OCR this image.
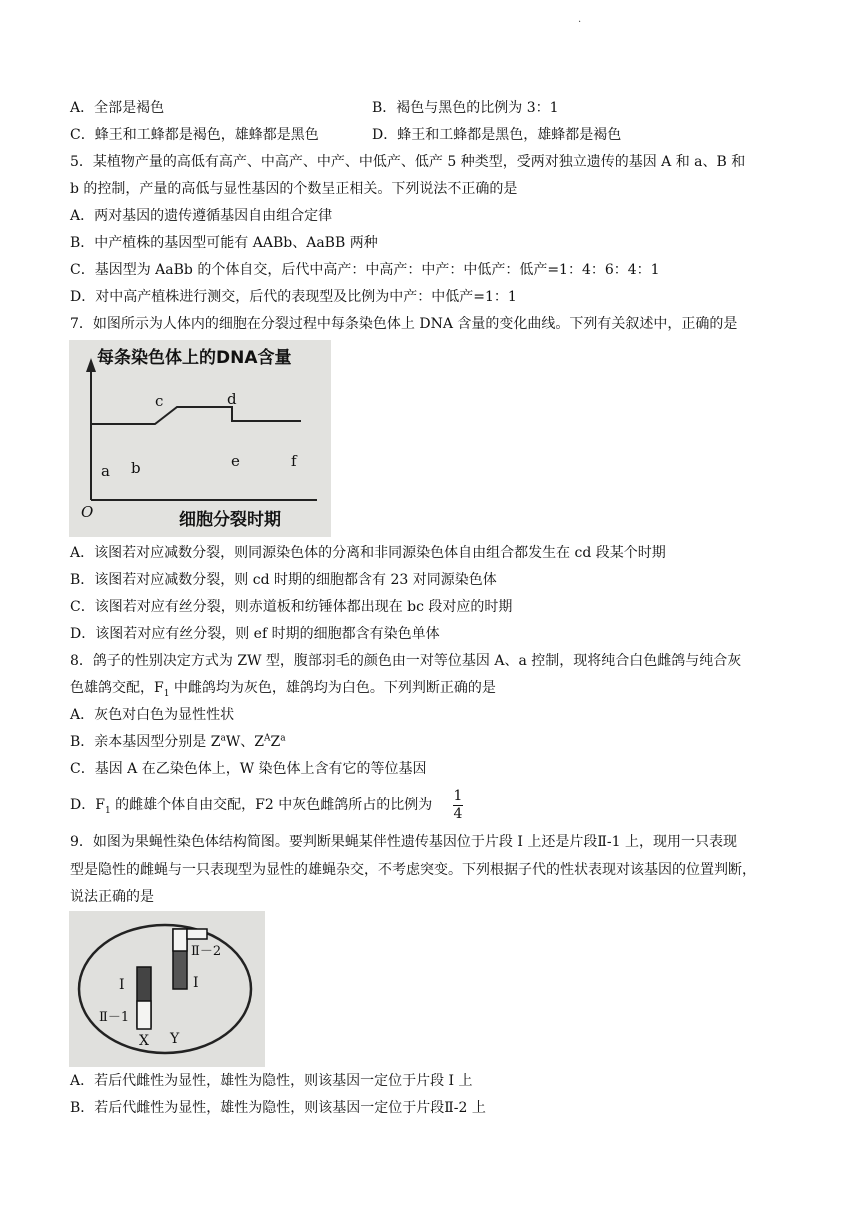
.
A．全部是褐色	B．褐色与黑色的比例为 3：1
C．蜂王和工蜂都是褐色，雄蜂都是黑色	D．蜂王和工蜂都是黑色，雄蜂都是褐色
5．某植物产量的高低有高产、中高产、中产、中低产、低产 5 种类型，受两对独立遗传的基因 A 和 a、B 和
b 的控制，产量的高低与显性基因的个数呈正相关。下列说法不正确的是
A．两对基因的遗传遵循基因自由组合定律
B．中产植株的基因型可能有 AABb、AaBB 两种
C．基因型为 AaBb 的个体自交，后代中高产：中高产：中产：中低产：低产=1：4：6：4：1
D．对中高产植株进行测交，后代的表现型及比例为中产：中低产=1：1
7．如图所示为人体内的细胞在分裂过程中每条染色体上 DNA 含量的变化曲线。下列有关叙述中，正确的是
每条染色体上的DNA含量
细胞分裂时期
O
a b
c	d
e	f
A．该图若对应减数分裂，则同源染色体的分离和非同源染色体自由组合都发生在 cd 段某个时期
B．该图若对应减数分裂，则 cd 时期的细胞都含有 23 对同源染色体
C．该图若对应有丝分裂，则赤道板和纺锤体都出现在 bc 段对应的时期
D．该图若对应有丝分裂，则 ef 时期的细胞都含有染色单体
8．鸽子的性别决定方式为 ZW 型，腹部羽毛的颜色由一对等位基因 A、a 控制，现将纯合白色雌鸽与纯合灰
色雄鸽交配，$F_1$ 中雌鸽均为灰色，雄鸽均为白色。下列判断正确的是
A．灰色对白色为显性性状
B．亲本基因型分别是 $Z^aW$、$Z^AZ^a$
C．基因 A 在乙染色体上，W 染色体上含有它的等位基因
D．$F_1$ 的雌雄个体自由交配，F2 中灰色雌鸽所占的比例为
1
4
9．如图为果蝇性染色体结构简图。要判断果蝇某伴性遗传基因位于片段 I 上还是片段Ⅱ-1 上，现用一只表现
型是隐性的雌蝇与一只表现型为显性的雄蝇杂交，不考虑突变。下列根据子代的性状表现对该基因的位置判断，
说法正确的是
I	I
Ⅱ－1
Ⅱ－2
X Y
A．若后代雌性为显性，雄性为隐性，则该基因一定位于片段 I 上
B．若后代雌性为显性，雄性为隐性，则该基因一定位于片段Ⅱ-2 上
